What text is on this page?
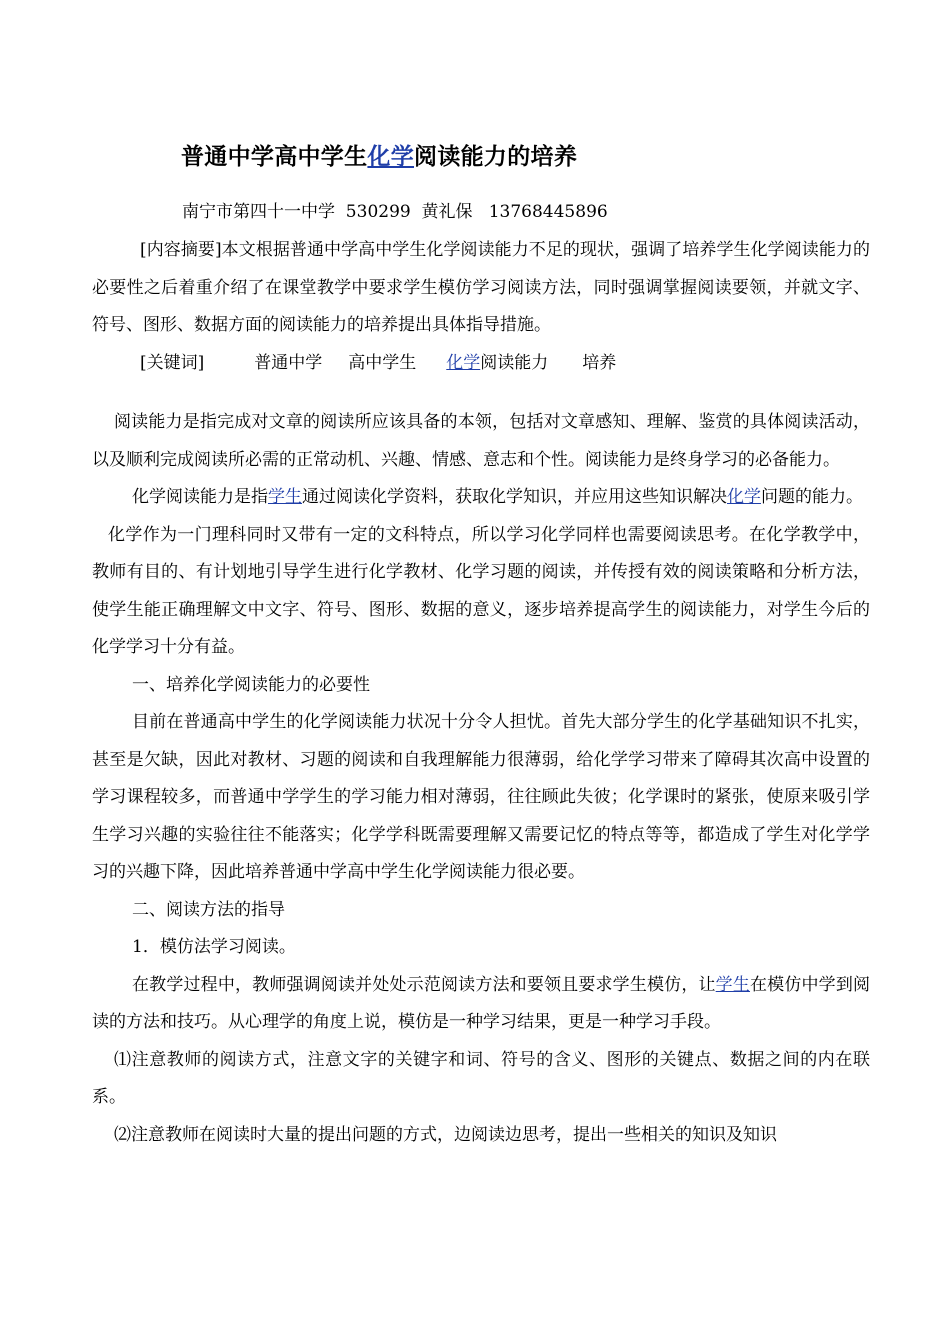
普通中学高中学生化学阅读能力的培养
南宁市第四十一中学  530299  黄礼保   13768445896

[内容摘要]本文根据普通中学高中学生化学阅读能力不足的现状，强调了培养学生化学阅读能力的必要性之后着重介绍了在课堂教学中要求学生模仿学习阅读方法，同时强调掌握阅读要领，并就文字、符号、图形、数据方面的阅读能力的培养提出具体指导措施。

[关键词]	普通中学 高中学生 化学阅读能力 培养

阅读能力是指完成对文章的阅读所应该具备的本领，包括对文章感知、理解、鉴赏的具体阅读活动，以及顺利完成阅读所必需的正常动机、兴趣、情感、意志和个性。阅读能力是终身学习的必备能力。

化学阅读能力是指学生通过阅读化学资料，获取化学知识，并应用这些知识解决化学问题的能力。

化学作为一门理科同时又带有一定的文科特点，所以学习化学同样也需要阅读思考。在化学教学中，教师有目的、有计划地引导学生进行化学教材、化学习题的阅读，并传授有效的阅读策略和分析方法，使学生能正确理解文中文字、符号、图形、数据的意义，逐步培养提高学生的阅读能力，对学生今后的化学学习十分有益。

一、培养化学阅读能力的必要性

目前在普通高中学生的化学阅读能力状况十分令人担忧。首先大部分学生的化学基础知识不扎实，甚至是欠缺，因此对教材、习题的阅读和自我理解能力很薄弱，给化学学习带来了障碍其次高中设置的学习课程较多，而普通中学学生的学习能力相对薄弱，往往顾此失彼；化学课时的紧张，使原来吸引学生学习兴趣的实验往往不能落实；化学学科既需要理解又需要记忆的特点等等，都造成了学生对化学学习的兴趣下降，因此培养普通中学高中学生化学阅读能力很必要。

二、阅读方法的指导

1．模仿法学习阅读。

在教学过程中，教师强调阅读并处处示范阅读方法和要领且要求学生模仿，让学生在模仿中学到阅读的方法和技巧。从心理学的角度上说，模仿是一种学习结果，更是一种学习手段。

⑴注意教师的阅读方式，注意文字的关键字和词、符号的含义、图形的关键点、数据之间的内在联系。

⑵注意教师在阅读时大量的提出问题的方式，边阅读边思考，提出一些相关的知识及知识
